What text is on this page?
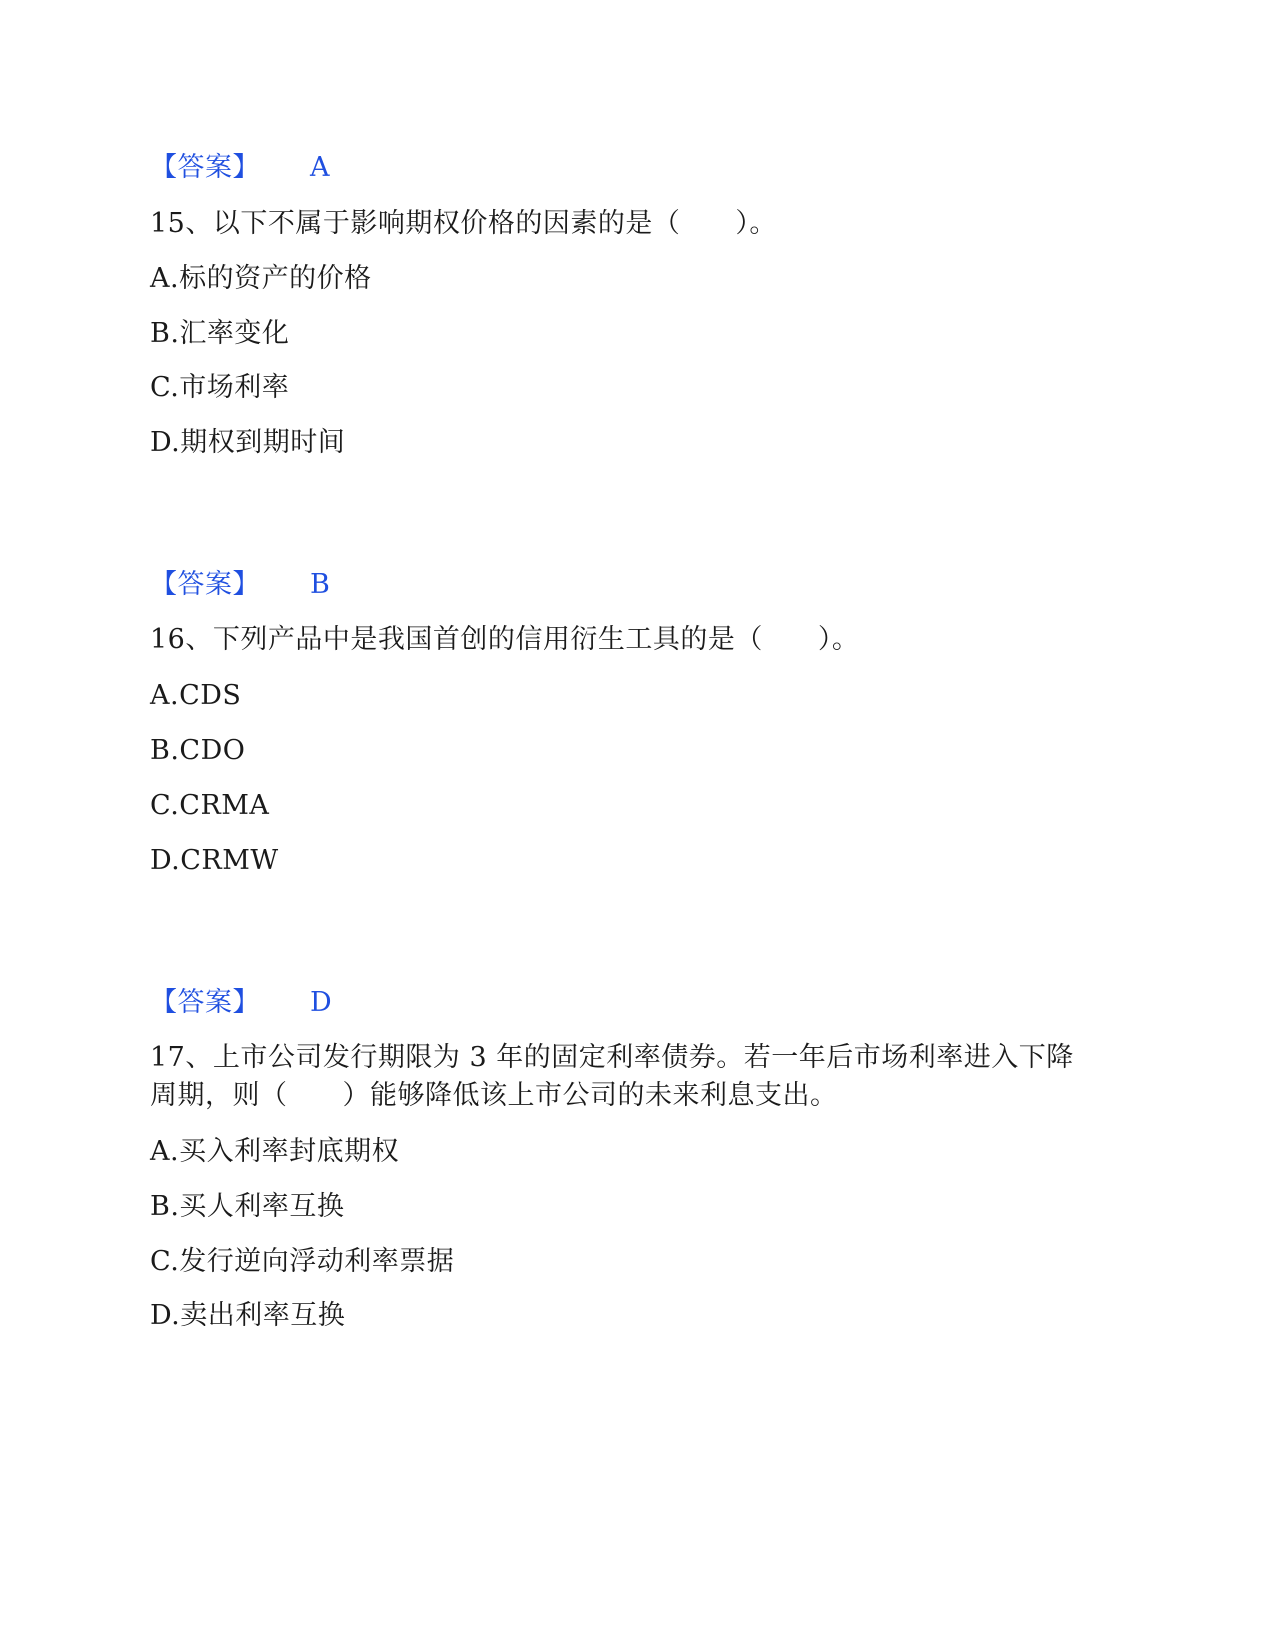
【答案】 A
15、以下不属于影响期权价格的因素的是（　　）。
A.标的资产的价格
B.汇率变化
C.市场利率
D.期权到期时间
【答案】 B
16、下列产品中是我国首创的信用衍生工具的是（　　）。
A.CDS
B.CDO
C.CRMA
D.CRMW
【答案】 D
17、上市公司发行期限为 3 年的固定利率债券。若一年后市场利率进入下降
周期，则（　　）能够降低该上市公司的未来利息支出。
A.买入利率封底期权
B.买人利率互换
C.发行逆向浮动利率票据
D.卖出利率互换
